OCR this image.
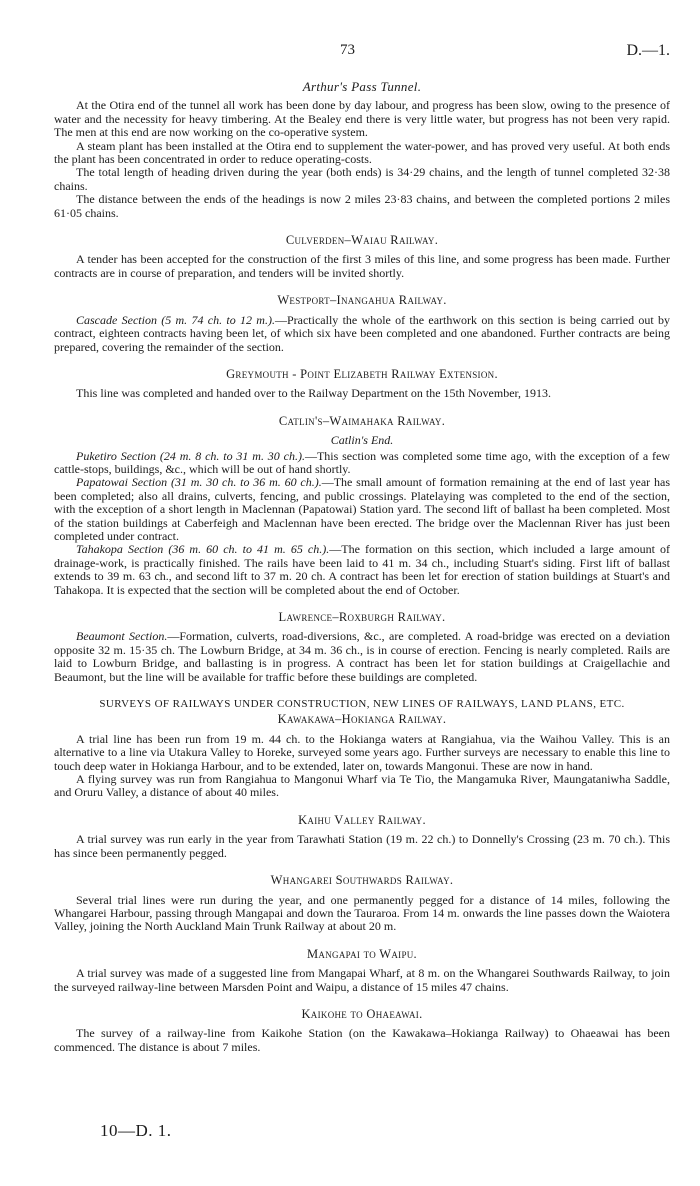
73	D.—1.
Arthur's Pass Tunnel.

At the Otira end of the tunnel all work has been done by day labour, and progress has been slow, owing to the presence of water and the necessity for heavy timbering. At the Bealey end there is very little water, but progress has not been very rapid. The men at this end are now working on the co-operative system.

A steam plant has been installed at the Otira end to supplement the water-power, and has proved very useful. At both ends the plant has been concentrated in order to reduce operating-costs.

The total length of heading driven during the year (both ends) is 34·29 chains, and the length of tunnel completed 32·38 chains.

The distance between the ends of the headings is now 2 miles 23·83 chains, and between the completed portions 2 miles 61·05 chains.

Culverden–Waiau Railway.

A tender has been accepted for the construction of the first 3 miles of this line, and some progress has been made. Further contracts are in course of preparation, and tenders will be invited shortly.

Westport–Inangahua Railway.

Cascade Section (5 m. 74 ch. to 12 m.).—Practically the whole of the earthwork on this section is being carried out by contract, eighteen contracts having been let, of which six have been completed and one abandoned. Further contracts are being prepared, covering the remainder of the section.

Greymouth - Point Elizabeth Railway Extension.

This line was completed and handed over to the Railway Department on the 15th November, 1913.

Catlin's–Waimahaka Railway.
Catlin's End.

Puketiro Section (24 m. 8 ch. to 31 m. 30 ch.).—This section was completed some time ago, with the exception of a few cattle-stops, buildings, &c., which will be out of hand shortly.

Papatowai Section (31 m. 30 ch. to 36 m. 60 ch.).—The small amount of formation remaining at the end of last year has been completed; also all drains, culverts, fencing, and public crossings. Platelaying was completed to the end of the section, with the exception of a short length in Maclennan (Papatowai) Station yard. The second lift of ballast ha been completed. Most of the station buildings at Caberfeigh and Maclennan have been erected. The bridge over the Maclennan River has just been completed under contract.

Tahakopa Section (36 m. 60 ch. to 41 m. 65 ch.).—The formation on this section, which included a large amount of drainage-work, is practically finished. The rails have been laid to 41 m. 34 ch., including Stuart's siding. First lift of ballast extends to 39 m. 63 ch., and second lift to 37 m. 20 ch. A contract has been let for erection of station buildings at Stuart's and Tahakopa. It is expected that the section will be completed about the end of October.

Lawrence–Roxburgh Railway.

Beaumont Section.—Formation, culverts, road-diversions, &c., are completed. A road-bridge was erected on a deviation opposite 32 m. 15·35 ch. The Lowburn Bridge, at 34 m. 36 ch., is in course of erection. Fencing is nearly completed. Rails are laid to Lowburn Bridge, and ballasting is in progress. A contract has been let for station buildings at Craigellachie and Beaumont, but the line will be available for traffic before these buildings are completed.

SURVEYS OF RAILWAYS UNDER CONSTRUCTION, NEW LINES OF RAILWAYS, LAND PLANS, ETC.
Kawakawa–Hokianga Railway.

A trial line has been run from 19 m. 44 ch. to the Hokianga waters at Rangiahua, via the Waihou Valley. This is an alternative to a line via Utakura Valley to Horeke, surveyed some years ago. Further surveys are necessary to enable this line to touch deep water in Hokianga Harbour, and to be extended, later on, towards Mangonui. These are now in hand.

A flying survey was run from Rangiahua to Mangonui Wharf via Te Tio, the Mangamuka River, Maungataniwha Saddle, and Oruru Valley, a distance of about 40 miles.

Kaihu Valley Railway.

A trial survey was run early in the year from Tarawhati Station (19 m. 22 ch.) to Donnelly's Crossing (23 m. 70 ch.). This has since been permanently pegged.

Whangarei Southwards Railway.

Several trial lines were run during the year, and one permanently pegged for a distance of 14 miles, following the Whangarei Harbour, passing through Mangapai and down the Tauraroa. From 14 m. onwards the line passes down the Waiotera Valley, joining the North Auckland Main Trunk Railway at about 20 m.

Mangapai to Waipu.

A trial survey was made of a suggested line from Mangapai Wharf, at 8 m. on the Whangarei Southwards Railway, to join the surveyed railway-line between Marsden Point and Waipu, a distance of 15 miles 47 chains.

Kaikohe to Ohaeawai.

The survey of a railway-line from Kaikohe Station (on the Kawakawa–Hokianga Railway) to Ohaeawai has been commenced. The distance is about 7 miles.

10—D. 1.
